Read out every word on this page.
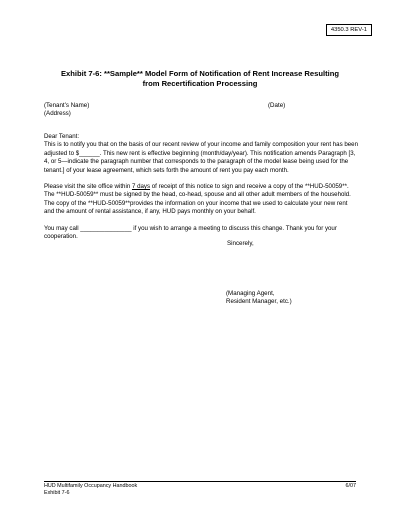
4350.3 REV-1
Exhibit 7-6: **Sample** Model Form of Notification of Rent Increase Resulting
from Recertification Processing
(Tenant’s Name)
(Address)
(Date)

Dear Tenant:

This is to notify you that on the basis of our recent review of your income and family composition your rent has been adjusted to $______. This new rent is effective beginning (month/day/year). This notification amends Paragraph [3, 4, or 5—indicate the paragraph number that corresponds to the paragraph of the model lease being used for the tenant.] of your lease agreement, which sets forth the amount of rent you pay each month.

Please visit the site office within 7 days of receipt of this notice to sign and receive a copy of the **HUD-50059**. The **HUD-50059** must be signed by the head, co-head, spouse and all other adult members of the household. The copy of the **HUD-50059**provides the information on your income that we used to calculate your new rent and the amount of rental assistance, if any, HUD pays monthly on your behalf.

You may call _______________ if you wish to arrange a meeting to discuss this change. Thank you for your cooperation.

Sincerely,
(Managing Agent,
Resident Manager, etc.)
HUD Multifamily Occupancy Handbook
Exhibit 7-6
6/07
